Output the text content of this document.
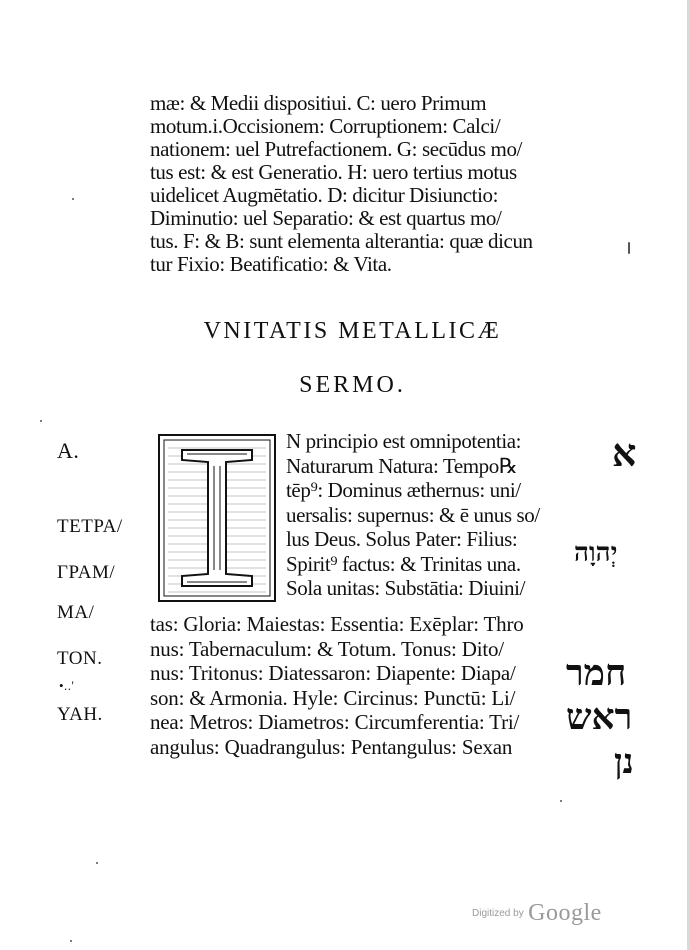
mæ: & Medii dispositiui. C: uero Primum
motum.i.Occisionem: Corruptionem: Calci/
nationem: uel Putrefactionem. G: secūdus mo/
tus est: & est Generatio. H: uero tertius motus
uidelicet Augmētatio. D: dicitur Disiunctio:
Diminutio: uel Separatio: & est quartus mo/
tus. F: & B: sunt elementa alterantia: quæ dicun
tur Fixio: Beatificatio: & Vita.
VNITATIS METALLICÆ
SERMO.
N principio est omnipotentia:
Naturarum Natura: Tempo℞
tēp⁹: Dominus æthernus: uni/
uersalis: supernus: & ē unus so/
lus Deus. Solus Pater: Filius:
Spirit⁹ factus: & Trinitas una.
Sola unitas: Substātia: Diuini/
tas: Gloria: Maiestas: Essentia: Exēplar: Thro
nus: Tabernaculum: & Totum. Tonus: Dito/
nus: Tritonus: Diatessaron: Diapente: Diapa/
son: & Armonia. Hyle: Circinus: Punctū: Li/
nea: Metros: Diametros: Circumferentia: Tri/
angulus: Quadrangulus: Pentangulus: Sexan
A.
TETPA/
ΓPAM/
MA/
TON.
•..'
YAH.
א
יְהוָה
חמר
ראש
נן
Digitized by Google
